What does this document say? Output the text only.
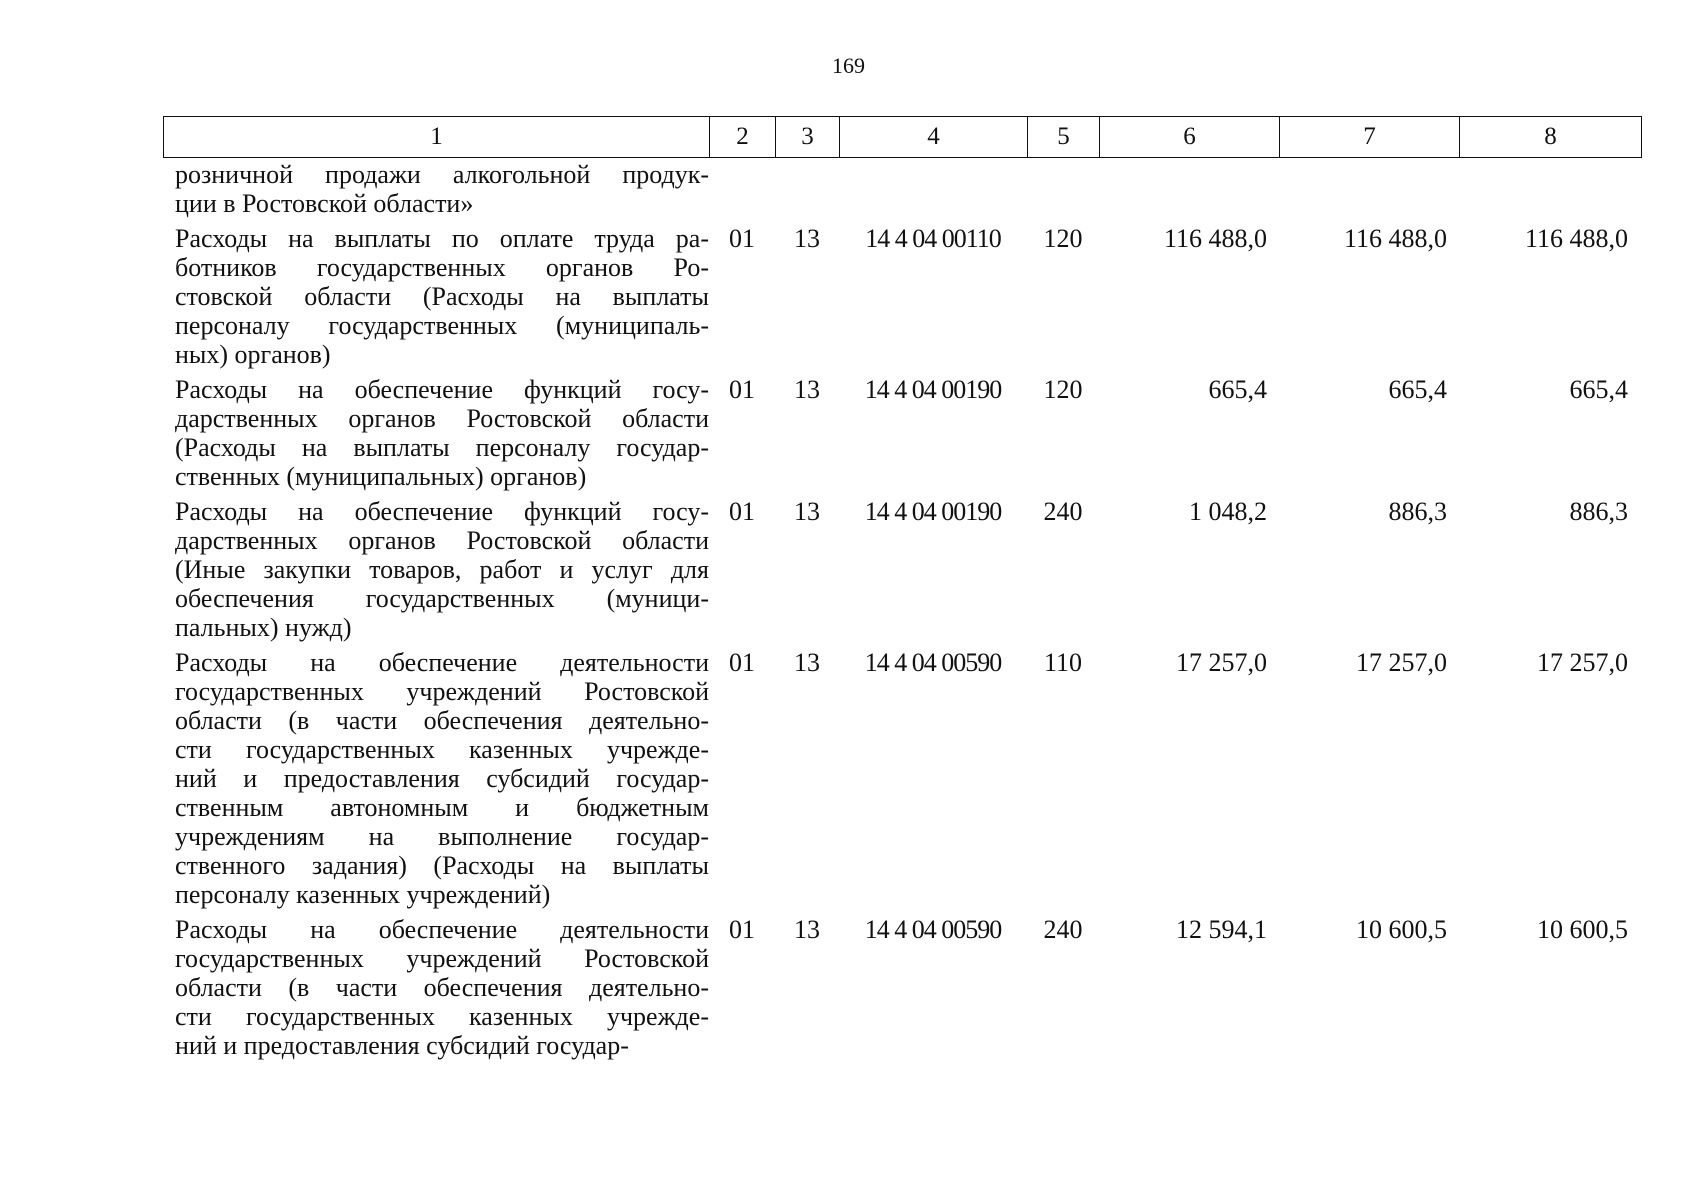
169
1	2	3	4	5	6	7	8
розничной продажи алкогольной продук-
ции в Ростовской области»
Расходы на выплаты по оплате труда ра-
ботников государственных органов Ро-
стовской области (Расходы на выплаты
персоналу государственных (муниципаль-
ных) органов)
01	13	14 4 04 00110	120	116 488,0	116 488,0	116 488,0
Расходы на обеспечение функций госу-
дарственных органов Ростовской области
(Расходы на выплаты персоналу государ-
ственных (муниципальных) органов)
01	13	14 4 04 00190	120	665,4	665,4	665,4
Расходы на обеспечение функций госу-
дарственных органов Ростовской области
(Иные закупки товаров, работ и услуг для
обеспечения государственных (муници-
пальных) нужд)
01	13	14 4 04 00190	240	1 048,2	886,3	886,3
Расходы на обеспечение деятельности
государственных учреждений Ростовской
области (в части обеспечения деятельно-
сти государственных казенных учрежде-
ний и предоставления субсидий государ-
ственным автономным и бюджетным
учреждениям на выполнение государ-
ственного задания) (Расходы на выплаты
персоналу казенных учреждений)
01	13	14 4 04 00590	110	17 257,0	17 257,0	17 257,0
Расходы на обеспечение деятельности
государственных учреждений Ростовской
области (в части обеспечения деятельно-
сти государственных казенных учрежде-
ний и предоставления субсидий государ-
01	13	14 4 04 00590	240	12 594,1	10 600,5	10 600,5
